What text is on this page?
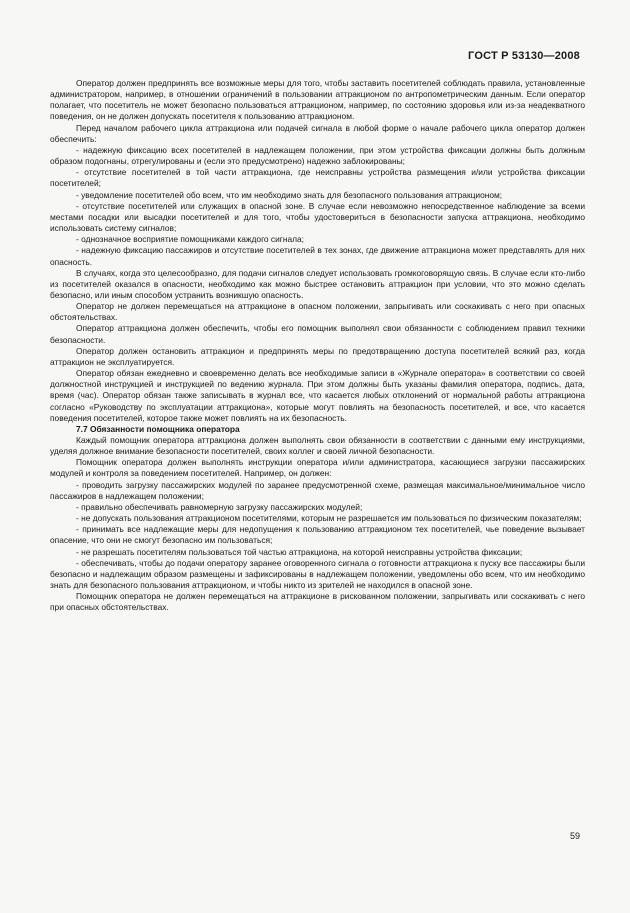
ГОСТ Р 53130—2008

Оператор должен предпринять все возможные меры для того, чтобы заставить посетителей соблюдать правила, установленные администратором, например, в отношении ограничений в пользовании аттракционом по антропометрическим данным. Если оператор полагает, что посетитель не может безопасно пользоваться аттракционом, например, по состоянию здоровья или из-за неадекватного поведения, он не должен допускать посетителя к пользованию аттракционом.

Перед началом рабочего цикла аттракциона или подачей сигнала в любой форме о начале рабочего цикла оператор должен обеспечить:

- надежную фиксацию всех посетителей в надлежащем положении, при этом устройства фиксации должны быть должным образом подогнаны, отрегулированы и (если это предусмотрено) надежно заблокированы;

- отсутствие посетителей в той части аттракциона, где неисправны устройства размещения и/или устройства фиксации посетителей;

- уведомление посетителей обо всем, что им необходимо знать для безопасного пользования аттракционом;

- отсутствие посетителей или служащих в опасной зоне. В случае если невозможно непосредственное наблюдение за всеми местами посадки или высадки посетителей и для того, чтобы удостовериться в безопасности запуска аттракциона, необходимо использовать систему сигналов;

- однозначное восприятие помощниками каждого сигнала;

- надежную фиксацию пассажиров и отсутствие посетителей в тех зонах, где движение аттракциона может представлять для них опасность.

В случаях, когда это целесообразно, для подачи сигналов следует использовать громкоговорящую связь. В случае если кто-либо из посетителей оказался в опасности, необходимо как можно быстрее остановить аттракцион при условии, что это можно сделать безопасно, или иным способом устранить возникшую опасность.

Оператор не должен перемещаться на аттракционе в опасном положении, запрыгивать или соскакивать с него при опасных обстоятельствах.

Оператор аттракциона должен обеспечить, чтобы его помощник выполнял свои обязанности с соблюдением правил техники безопасности.

Оператор должен остановить аттракцион и предпринять меры по предотвращению доступа посетителей всякий раз, когда аттракцион не эксплуатируется.

Оператор обязан ежедневно и своевременно делать все необходимые записи в «Журнале оператора» в соответствии со своей должностной инструкцией и инструкцией по ведению журнала. При этом должны быть указаны фамилия оператора, подпись, дата, время (час). Оператор обязан также записывать в журнал все, что касается любых отклонений от нормальной работы аттракциона согласно «Руководству по эксплуатации аттракциона», которые могут повлиять на безопасность посетителей, и все, что касается поведения посетителей, которое также может повлиять на их безопасность.

7.7 Обязанности помощника оператора

Каждый помощник оператора аттракциона должен выполнять свои обязанности в соответствии с данными ему инструкциями, уделяя должное внимание безопасности посетителей, своих коллег и своей личной безопасности.

Помощник оператора должен выполнять инструкции оператора и/или администратора, касающиеся загрузки пассажирских модулей и контроля за поведением посетителей. Например, он должен:

- проводить загрузку пассажирских модулей по заранее предусмотренной схеме, размещая максимальное/минимальное число пассажиров в надлежащем положении;

- правильно обеспечивать равномерную загрузку пассажирских модулей;

- не допускать пользования аттракционом посетителями, которым не разрешается им пользоваться по физическим показателям;

- принимать все надлежащие меры для недопущения к пользованию аттракционом тех посетителей, чье поведение вызывает опасение, что они не смогут безопасно им пользоваться;

- не разрешать посетителям пользоваться той частью аттракциона, на которой неисправны устройства фиксации;

- обеспечивать, чтобы до подачи оператору заранее оговоренного сигнала о готовности аттракциона к пуску все пассажиры были безопасно и надлежащим образом размещены и зафиксированы в надлежащем положении, уведомлены обо всем, что им необходимо знать для безопасного пользования аттракционом, и чтобы никто из зрителей не находился в опасной зоне.

Помощник оператора не должен перемещаться на аттракционе в рискованном положении, запрыгивать или соскакивать с него при опасных обстоятельствах.

59
